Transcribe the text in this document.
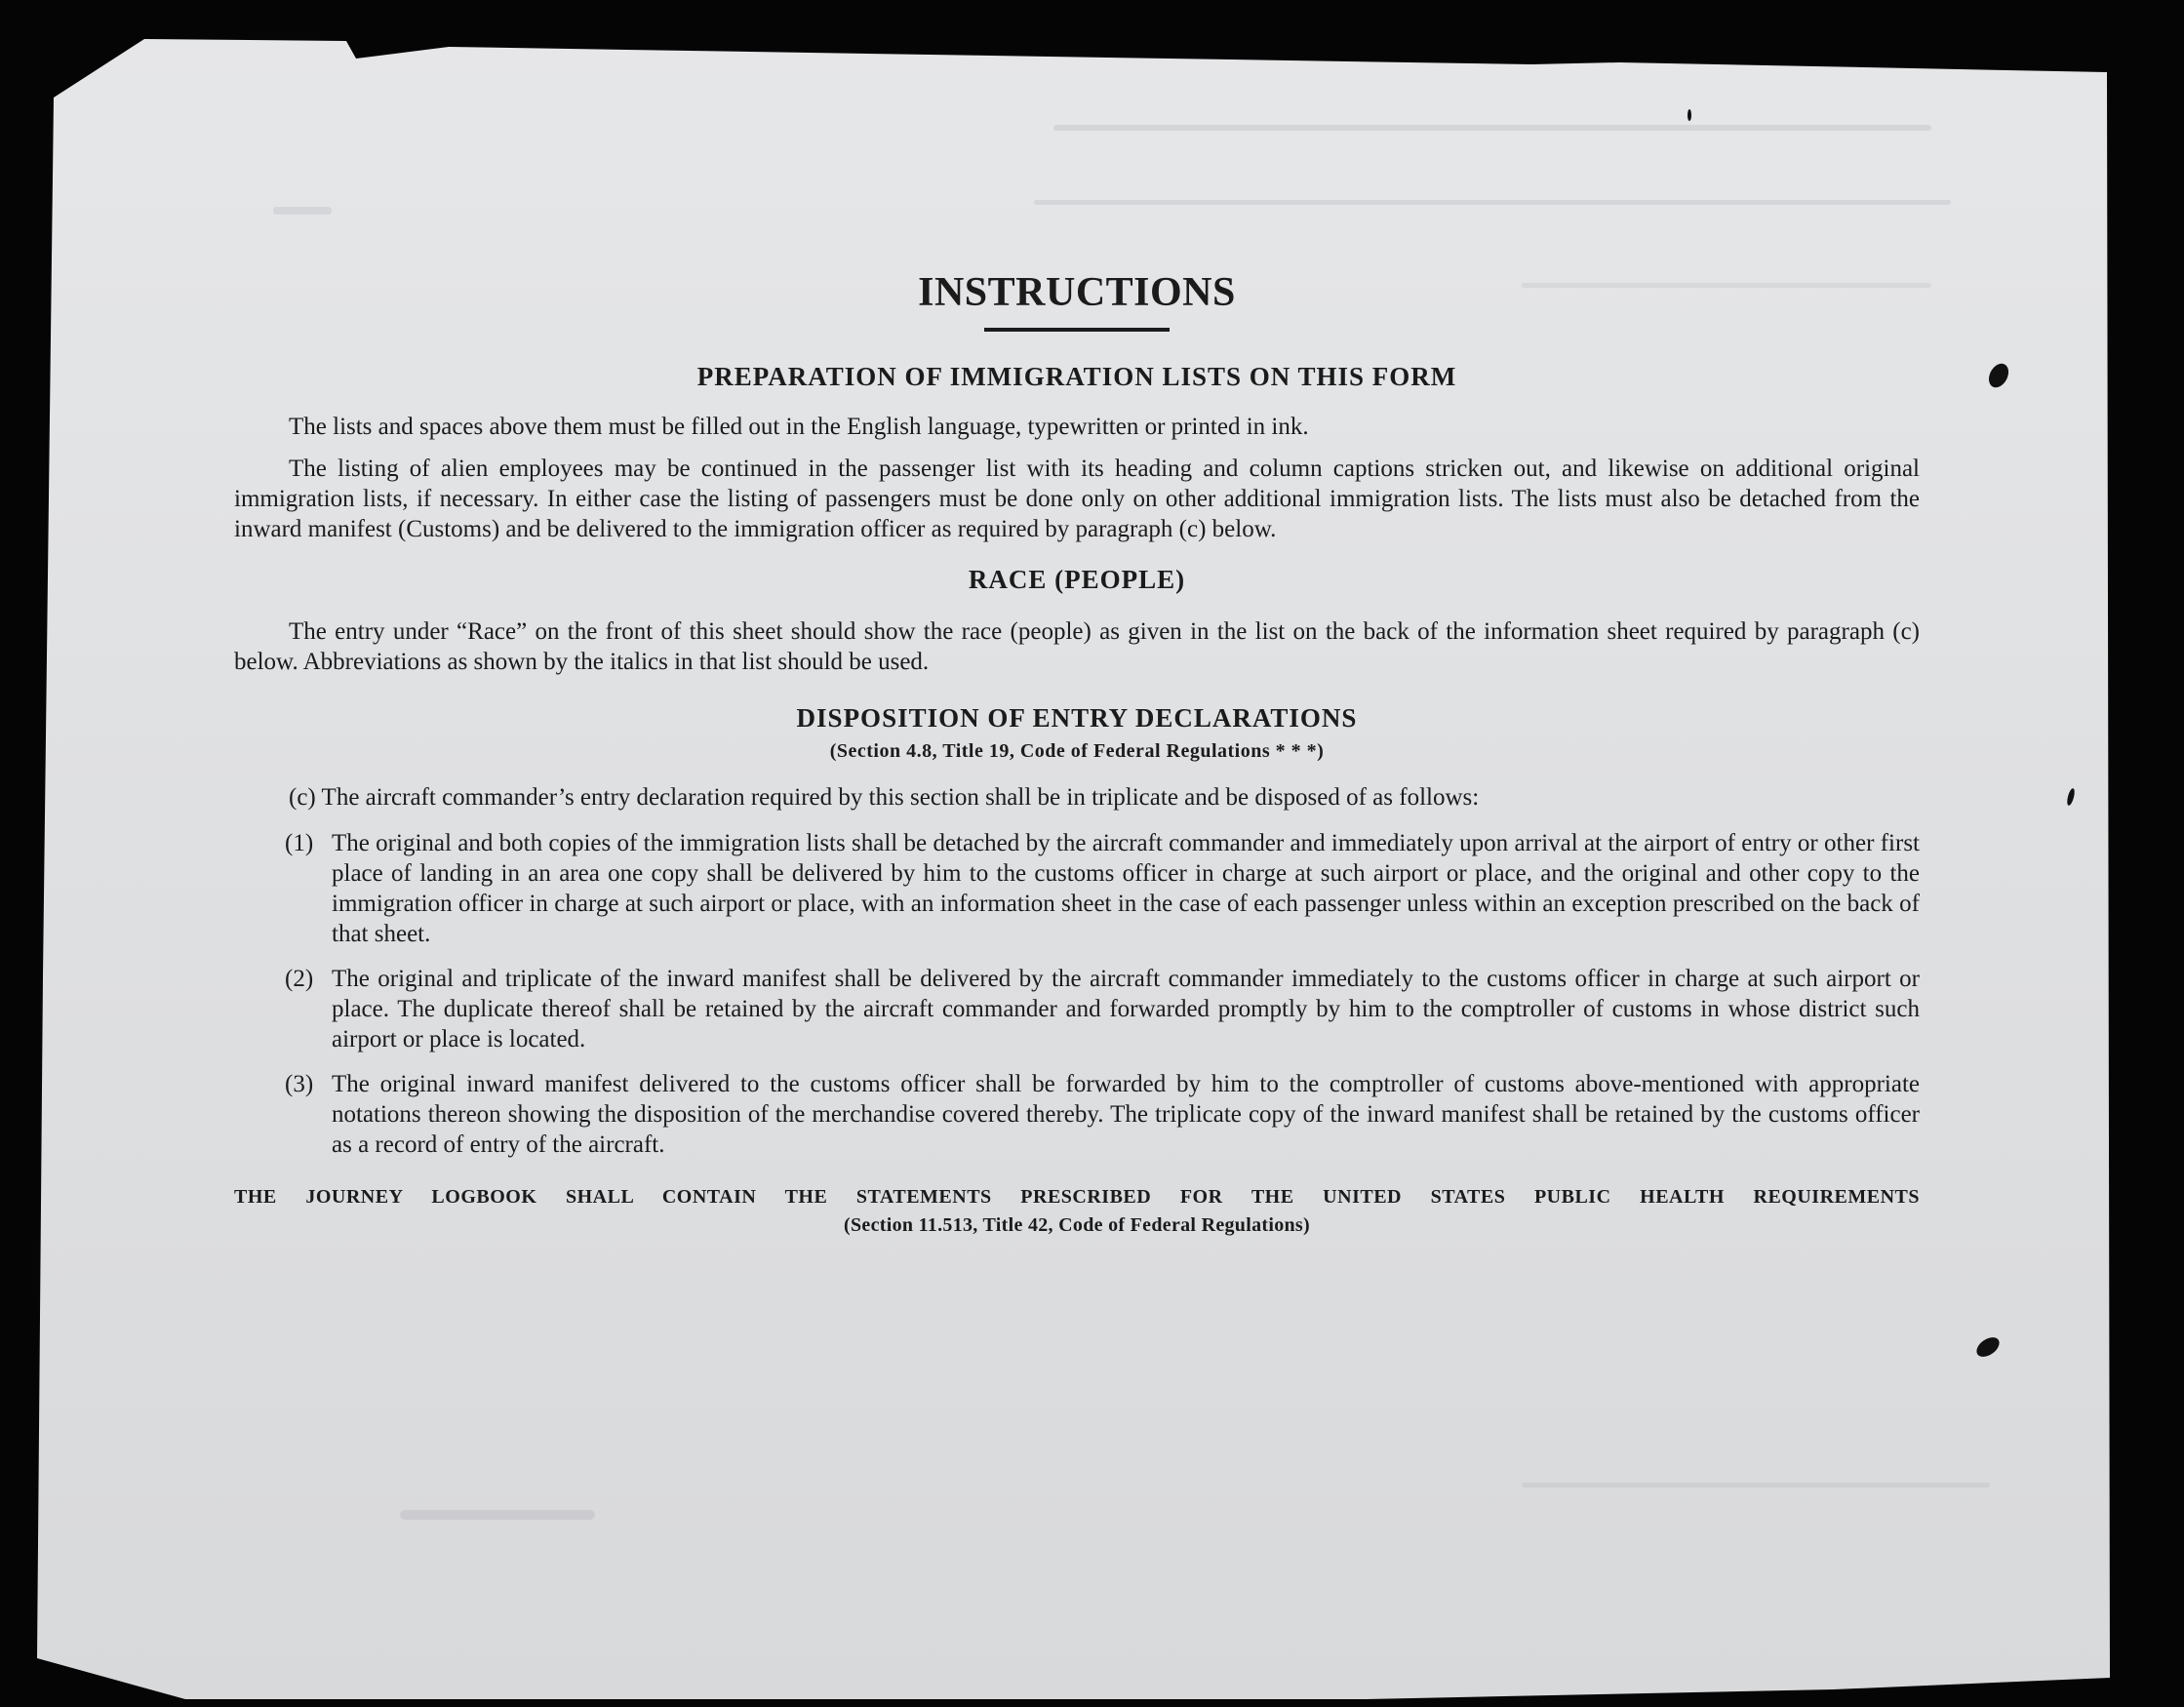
INSTRUCTIONS
PREPARATION OF IMMIGRATION LISTS ON THIS FORM

The lists and spaces above them must be filled out in the English language, typewritten or printed in ink.

The listing of alien employees may be continued in the passenger list with its heading and column captions stricken out, and likewise on additional original immigration lists, if necessary. In either case the listing of passengers must be done only on other additional immigration lists. The lists must also be detached from the inward manifest (Customs) and be delivered to the immigration officer as required by paragraph (c) below.

RACE (PEOPLE)

The entry under “Race” on the front of this sheet should show the race (people) as given in the list on the back of the information sheet required by paragraph (c) below. Abbreviations as shown by the italics in that list should be used.

DISPOSITION OF ENTRY DECLARATIONS
(Section 4.8, Title 19, Code of Federal Regulations * * *)

(c) The aircraft commander’s entry declaration required by this section shall be in triplicate and be disposed of as follows:

(1) The original and both copies of the immigration lists shall be detached by the aircraft commander and immediately upon arrival at the airport of entry or other first place of landing in an area one copy shall be delivered by him to the customs officer in charge at such airport or place, and the original and other copy to the immigration officer in charge at such airport or place, with an information sheet in the case of each passenger unless within an exception prescribed on the back of that sheet.
(2) The original and triplicate of the inward manifest shall be delivered by the aircraft commander immediately to the customs officer in charge at such airport or place. The duplicate thereof shall be retained by the aircraft commander and forwarded promptly by him to the comptroller of customs in whose district such airport or place is located.
(3) The original inward manifest delivered to the customs officer shall be forwarded by him to the comptroller of customs above-mentioned with appropriate notations thereon showing the disposition of the merchandise covered thereby. The triplicate copy of the inward manifest shall be retained by the customs officer as a record of entry of the aircraft.
THE JOURNEY LOGBOOK SHALL CONTAIN THE STATEMENTS PRESCRIBED FOR THE UNITED STATES PUBLIC HEALTH REQUIREMENTS
(Section 11.513, Title 42, Code of Federal Regulations)
